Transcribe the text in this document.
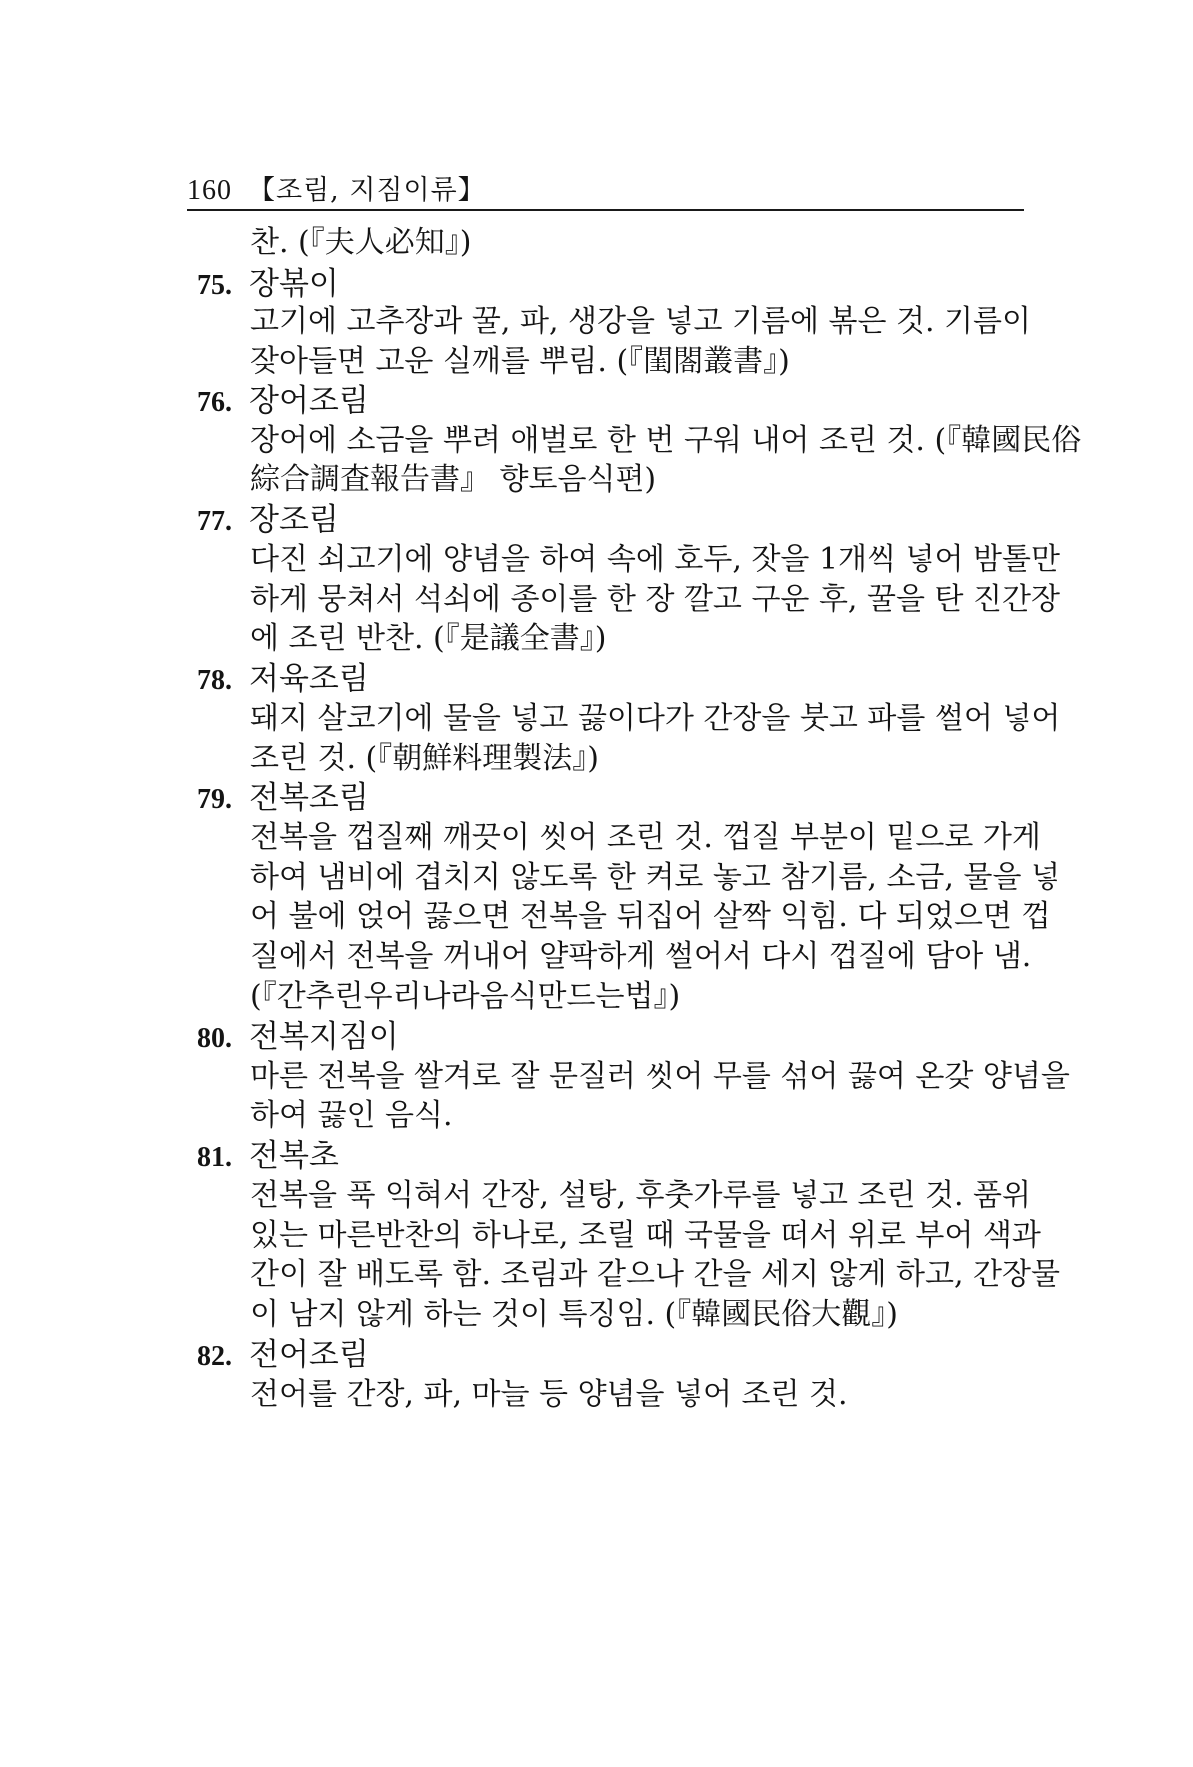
160 【조림, 지짐이류】
찬. (『夫人必知』)
75. 장볶이
고기에 고추장과 꿀, 파, 생강을 넣고 기름에 볶은 것. 기름이
잦아들면 고운 실깨를 뿌림. (『閨閤叢書』)
76. 장어조림
장어에 소금을 뿌려 애벌로 한 번 구워 내어 조린 것. (『韓國民俗
綜合調査報告書』 향토음식편)
77. 장조림
다진 쇠고기에 양념을 하여 속에 호두, 잣을 1개씩 넣어 밤톨만
하게 뭉쳐서 석쇠에 종이를 한 장 깔고 구운 후, 꿀을 탄 진간장
에 조린 반찬. (『是議全書』)
78. 저육조림
돼지 살코기에 물을 넣고 끓이다가 간장을 붓고 파를 썰어 넣어
조린 것. (『朝鮮料理製法』)
79. 전복조림
전복을 껍질째 깨끗이 씻어 조린 것. 껍질 부분이 밑으로 가게
하여 냄비에 겹치지 않도록 한 켜로 놓고 참기름, 소금, 물을 넣
어 불에 얹어 끓으면 전복을 뒤집어 살짝 익힘. 다 되었으면 껍
질에서 전복을 꺼내어 얄팍하게 썰어서 다시 껍질에 담아 냄.
(『간추린우리나라음식만드는법』)
80. 전복지짐이
마른 전복을 쌀겨로 잘 문질러 씻어 무를 섞어 끓여 온갖 양념을
하여 끓인 음식.
81. 전복초
전복을 푹 익혀서 간장, 설탕, 후춧가루를 넣고 조린 것. 품위
있는 마른반찬의 하나로, 조릴 때 국물을 떠서 위로 부어 색과
간이 잘 배도록 함. 조림과 같으나 간을 세지 않게 하고, 간장물
이 남지 않게 하는 것이 특징임. (『韓國民俗大觀』)
82. 전어조림
전어를 간장, 파, 마늘 등 양념을 넣어 조린 것.
